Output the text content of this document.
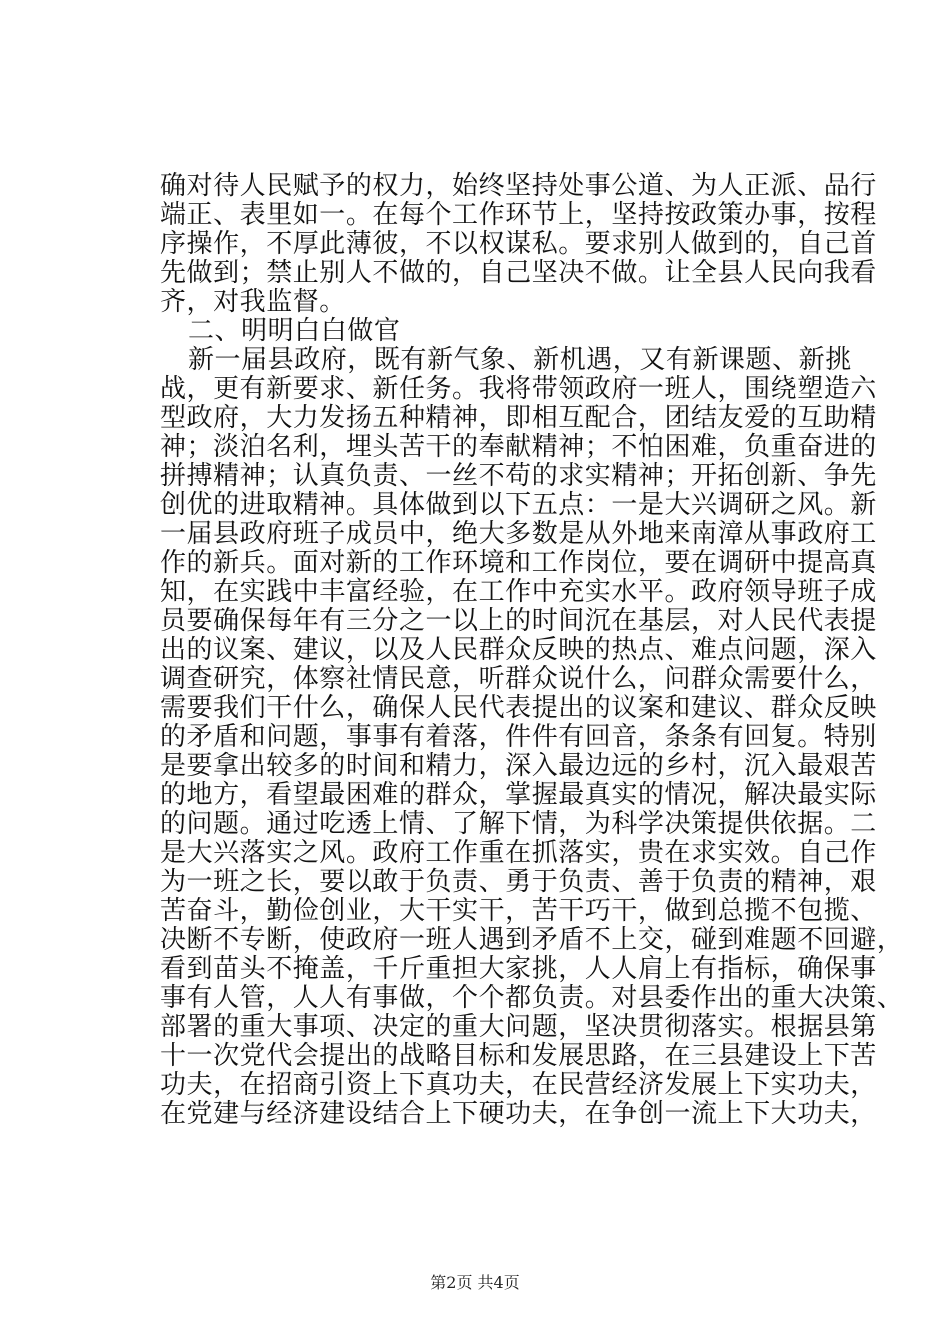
确对待人民赋予的权力，始终坚持处事公道、为人正派、品行
端正、表里如一。在每个工作环节上，坚持按政策办事，按程
序操作，不厚此薄彼，不以权谋私。要求别人做到的，自己首
先做到；禁止别人不做的，自己坚决不做。让全县人民向我看
齐，对我监督。
二、明明白白做官
新一届县政府，既有新气象、新机遇，又有新课题、新挑
战，更有新要求、新任务。我将带领政府一班人，围绕塑造六
型政府，大力发扬五种精神，即相互配合，团结友爱的互助精
神；淡泊名利，埋头苦干的奉献精神；不怕困难，负重奋进的
拼搏精神；认真负责、一丝不苟的求实精神；开拓创新、争先
创优的进取精神。具体做到以下五点：一是大兴调研之风。新
一届县政府班子成员中，绝大多数是从外地来南漳从事政府工
作的新兵。面对新的工作环境和工作岗位，要在调研中提高真
知，在实践中丰富经验，在工作中充实水平。政府领导班子成
员要确保每年有三分之一以上的时间沉在基层，对人民代表提
出的议案、建议，以及人民群众反映的热点、难点问题，深入
调查研究，体察社情民意，听群众说什么，问群众需要什么，
需要我们干什么，确保人民代表提出的议案和建议、群众反映
的矛盾和问题，事事有着落，件件有回音，条条有回复。特别
是要拿出较多的时间和精力，深入最边远的乡村，沉入最艰苦
的地方，看望最困难的群众，掌握最真实的情况，解决最实际
的问题。通过吃透上情、了解下情，为科学决策提供依据。二
是大兴落实之风。政府工作重在抓落实，贵在求实效。自己作
为一班之长，要以敢于负责、勇于负责、善于负责的精神，艰
苦奋斗，勤俭创业，大干实干，苦干巧干，做到总揽不包揽、
决断不专断，使政府一班人遇到矛盾不上交，碰到难题不回避，
看到苗头不掩盖，千斤重担大家挑，人人肩上有指标，确保事
事有人管，人人有事做，个个都负责。对县委作出的重大决策、
部署的重大事项、决定的重大问题，坚决贯彻落实。根据县第
十一次党代会提出的战略目标和发展思路，在三县建设上下苦
功夫，在招商引资上下真功夫，在民营经济发展上下实功夫，
在党建与经济建设结合上下硬功夫，在争创一流上下大功夫，
第2页 共4页
